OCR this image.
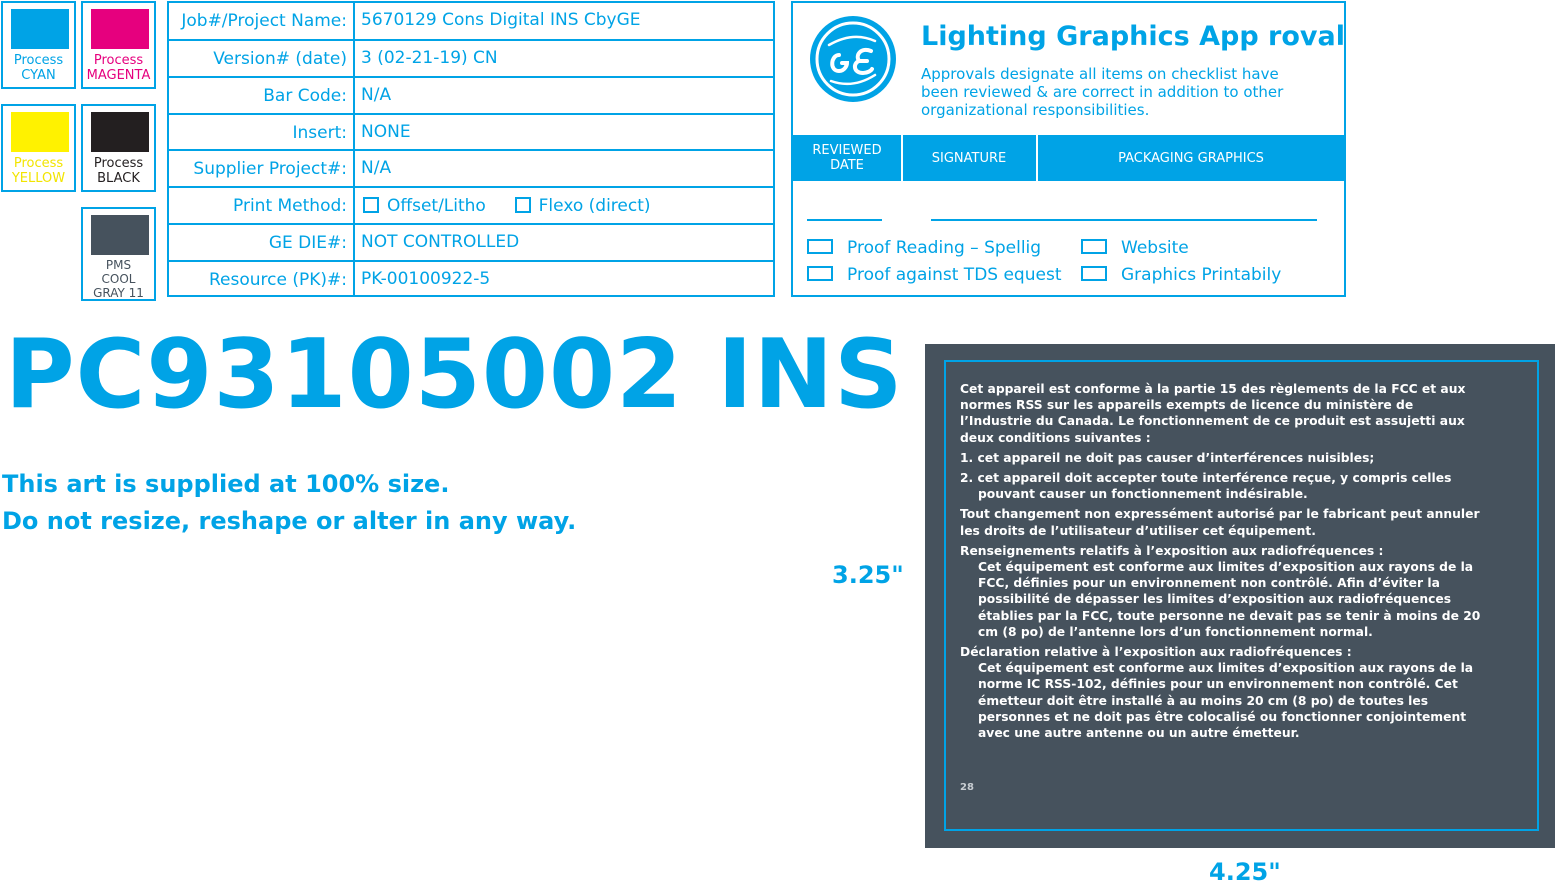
Process
CYAN
Process
MAGENTA
Process
YELLOW
Process
BLACK
PMS
COOL
GRAY 11
Job#/Project Name: 5670129 Cons Digital INS CbyGE
Version# (date) 3 (02-21-19) CN
Bar Code: N/A
Insert: NONE
Supplier Project#: N/A
Print Method:	Offset/Litho	Flexo (direct)
GE DIE#: NOT CONTROLLED
Resource (PK)#: PK-00100922-5
Lighting Graphics App roval
Approvals designate all items on checklist have been reviewed & are correct in addition to other organizational responsibilities.
REVIEWED
DATE	SIGNATURE	PACKAGING GRAPHICS
Proof Reading – Spellig
Proof against TDS equest
Website
Graphics Printabily
PC93105002 INS
This art is supplied at 100% size.
Do not resize, reshape or alter in any way.
3.25"
4.25"

Cet appareil est conforme à la partie 15 des règlements de la FCC et aux normes RSS sur les appareils exempts de licence du ministère de l’Industrie du Canada. Le fonctionnement de ce produit est assujetti aux deux conditions suivantes :

1. cet appareil ne doit pas causer d’interférences nuisibles;

2. cet appareil doit accepter toute interférence reçue, y compris celles pouvant causer un fonctionnement indésirable.

Tout changement non expressément autorisé par le fabricant peut annuler les droits de l’utilisateur d’utiliser cet équipement.

Renseignements relatifs à l’exposition aux radiofréquences :

Cet équipement est conforme aux limites d’exposition aux rayons de la FCC, définies pour un environnement non contrôlé. Afin d’éviter la possibilité de dépasser les limites d’exposition aux radiofréquences établies par la FCC, toute personne ne devait pas se tenir à moins de 20 cm (8 po) de l’antenne lors d’un fonctionnement normal.

Déclaration relative à l’exposition aux radiofréquences :

Cet équipement est conforme aux limites d’exposition aux rayons de la norme IC RSS-102, définies pour un environnement non contrôlé. Cet émetteur doit être installé à au moins 20 cm (8 po) de toutes les personnes et ne doit pas être colocalisé ou fonctionner conjointement avec une autre antenne ou un autre émetteur.

28
